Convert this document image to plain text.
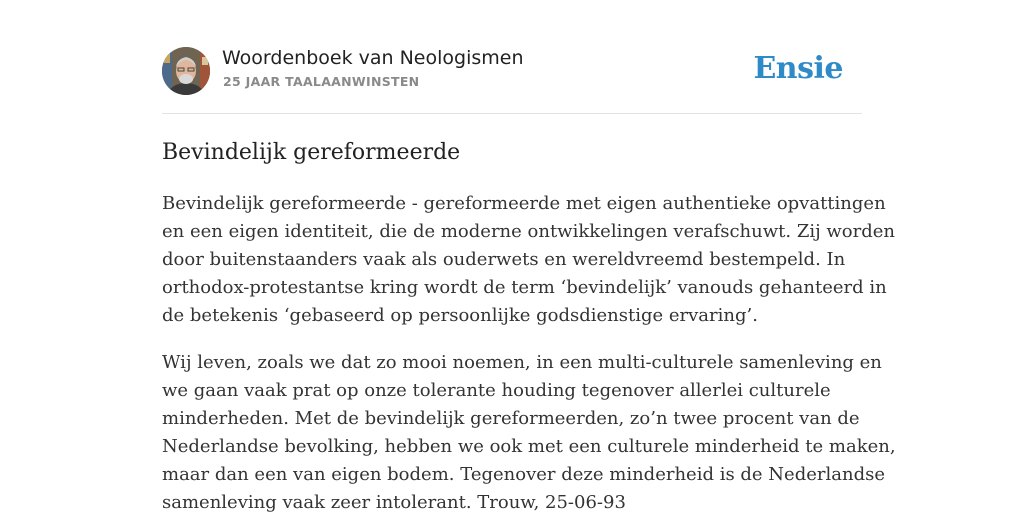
Woordenboek van Neologismen
25 JAAR TAALAANWINSTEN	Ensie
Bevindelijk gereformeerde

Bevindelijk gereformeerde - gereformeerde met eigen authentieke opvattingen
en een eigen identiteit, die de moderne ontwikkelingen verafschuwt. Zij worden
door buitenstaanders vaak als ouderwets en wereldvreemd bestempeld. In
orthodox-protestantse kring wordt de term ‘bevindelijk’ vanouds gehanteerd in
de betekenis ‘gebaseerd op persoonlijke godsdienstige ervaring’.

Wij leven, zoals we dat zo mooi noemen, in een multi-culturele samenleving en
we gaan vaak prat op onze tolerante houding tegenover allerlei culturele
minderheden. Met de bevindelijk gereformeerden, zo’n twee procent van de
Nederlandse bevolking, hebben we ook met een culturele minderheid te maken,
maar dan een van eigen bodem. Tegenover deze minderheid is de Nederlandse
samenleving vaak zeer intolerant. Trouw, 25-06-93
